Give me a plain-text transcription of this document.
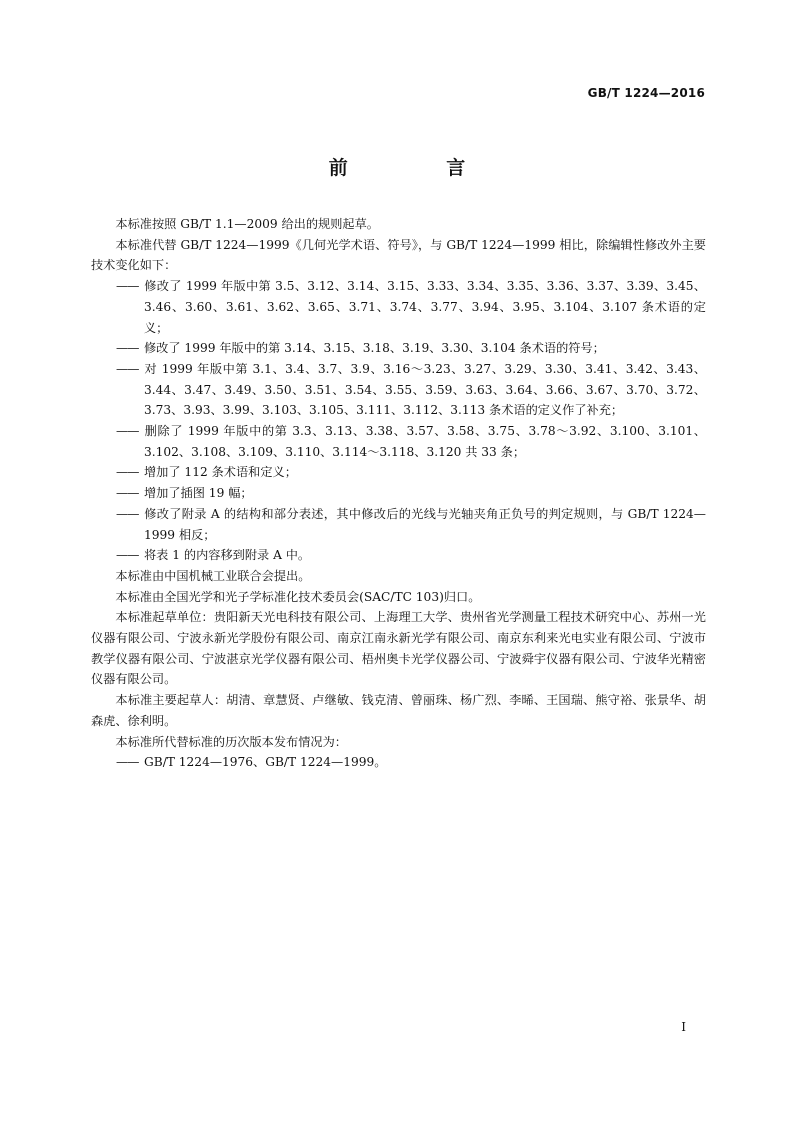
GB/T 1224—2016
前 言

本标准按照 GB/T 1.1—2009 给出的规则起草。

本标准代替 GB/T 1224—1999《几何光学术语、符号》，与 GB/T 1224—1999 相比，除编辑性修改外主要技术变化如下：

—— 修改了 1999 年版中第 3.5、3.12、3.14、3.15、3.33、3.34、3.35、3.36、3.37、3.39、3.45、3.46、3.60、3.61、3.62、3.65、3.71、3.74、3.77、3.94、3.95、3.104、3.107 条术语的定义；

—— 修改了 1999 年版中的第 3.14、3.15、3.18、3.19、3.30、3.104 条术语的符号；

—— 对 1999 年版中第 3.1、3.4、3.7、3.9、3.16～3.23、3.27、3.29、3.30、3.41、3.42、3.43、3.44、3.47、3.49、3.50、3.51、3.54、3.55、3.59、3.63、3.64、3.66、3.67、3.70、3.72、3.73、3.93、3.99、3.103、3.105、3.111、3.112、3.113 条术语的定义作了补充；

—— 删除了 1999 年版中的第 3.3、3.13、3.38、3.57、3.58、3.75、3.78～3.92、3.100、3.101、3.102、3.108、3.109、3.110、3.114～3.118、3.120 共 33 条；

—— 增加了 112 条术语和定义；

—— 增加了插图 19 幅；

—— 修改了附录 A 的结构和部分表述，其中修改后的光线与光轴夹角正负号的判定规则，与 GB/T 1224—1999 相反；

—— 将表 1 的内容移到附录 A 中。

本标准由中国机械工业联合会提出。

本标准由全国光学和光子学标准化技术委员会(SAC/TC 103)归口。

本标准起草单位：贵阳新天光电科技有限公司、上海理工大学、贵州省光学测量工程技术研究中心、苏州一光仪器有限公司、宁波永新光学股份有限公司、南京江南永新光学有限公司、南京东利来光电实业有限公司、宁波市教学仪器有限公司、宁波湛京光学仪器有限公司、梧州奥卡光学仪器公司、宁波舜宇仪器有限公司、宁波华光精密仪器有限公司。

本标准主要起草人：胡清、章慧贤、卢继敏、钱克清、曾丽珠、杨广烈、李晞、王国瑞、熊守裕、张景华、胡森虎、徐利明。

本标准所代替标准的历次版本发布情况为：

—— GB/T 1224—1976、GB/T 1224—1999。

I
